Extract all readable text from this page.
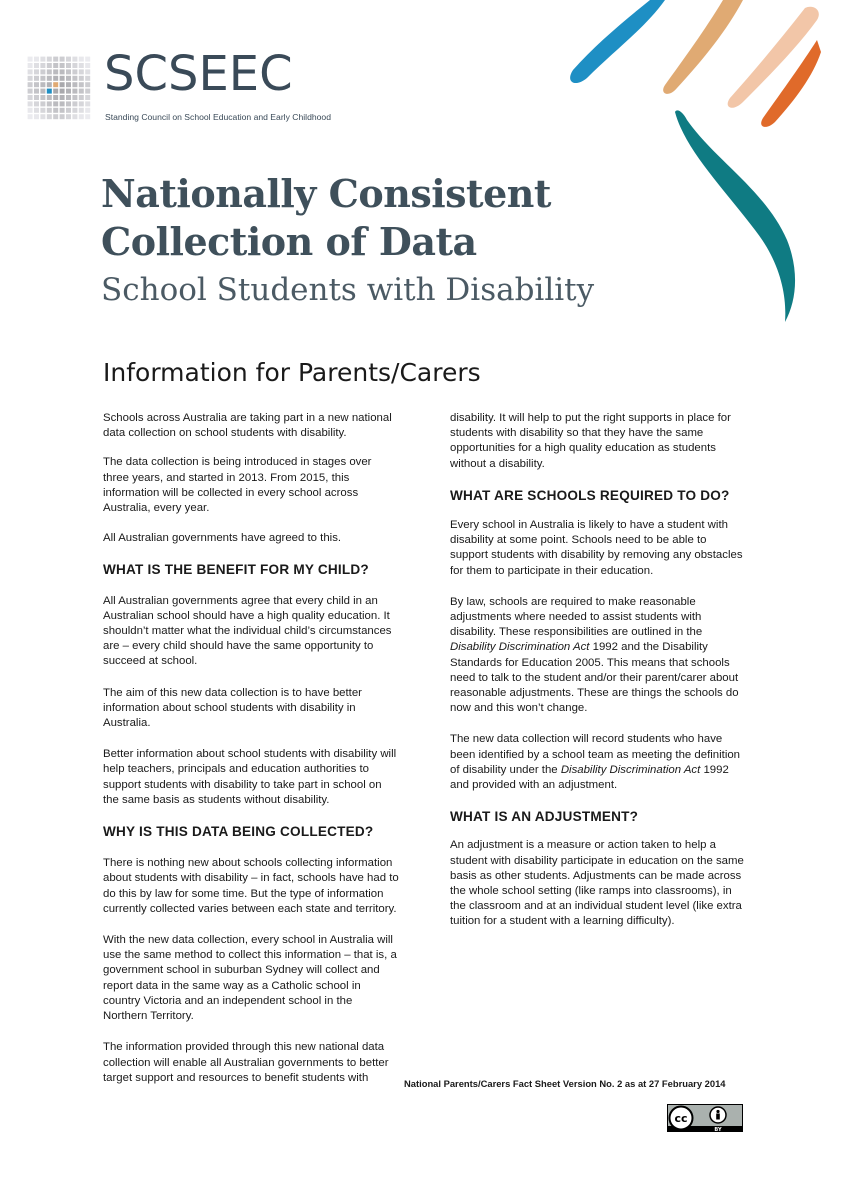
SCSEEC
Standing Council on School Education and Early Childhood
Nationally Consistent
Collection of Data
School Students with Disability
Information for Parents/Carers

Schools across Australia are taking part in a new national
data collection on school students with disability.

The data collection is being introduced in stages over
three years, and started in 2013. From 2015, this
information will be collected in every school across
Australia, every year.

All Australian governments have agreed to this.

WHAT IS THE BENEFIT FOR MY CHILD?

All Australian governments agree that every child in an
Australian school should have a high quality education. It
shouldn’t matter what the individual child’s circumstances
are – every child should have the same opportunity to
succeed at school.

The aim of this new data collection is to have better
information about school students with disability in
Australia.

Better information about school students with disability will
help teachers, principals and education authorities to
support students with disability to take part in school on
the same basis as students without disability.

WHY IS THIS DATA BEING COLLECTED?

There is nothing new about schools collecting information
about students with disability – in fact, schools have had to
do this by law for some time. But the type of information
currently collected varies between each state and territory.

With the new data collection, every school in Australia will
use the same method to collect this information – that is, a
government school in suburban Sydney will collect and
report data in the same way as a Catholic school in
country Victoria and an independent school in the
Northern Territory.

The information provided through this new national data
collection will enable all Australian governments to better
target support and resources to benefit students with

disability. It will help to put the right supports in place for
students with disability so that they have the same
opportunities for a high quality education as students
without a disability.

WHAT ARE SCHOOLS REQUIRED TO DO?

Every school in Australia is likely to have a student with
disability at some point. Schools need to be able to
support students with disability by removing any obstacles
for them to participate in their education.

By law, schools are required to make reasonable
adjustments where needed to assist students with
disability. These responsibilities are outlined in the
Disability Discrimination Act 1992 and the Disability
Standards for Education 2005. This means that schools
need to talk to the student and/or their parent/carer about
reasonable adjustments. These are things the schools do
now and this won’t change.

The new data collection will record students who have
been identified by a school team as meeting the definition
of disability under the Disability Discrimination Act 1992
and provided with an adjustment.

WHAT IS AN ADJUSTMENT?

An adjustment is a measure or action taken to help a
student with disability participate in education on the same
basis as other students. Adjustments can be made across
the whole school setting (like ramps into classrooms), in
the classroom and at an individual student level (like extra
tuition for a student with a learning difficulty).

National Parents/Carers Fact Sheet Version No. 2 as at 27 February 2014
cc
BY
